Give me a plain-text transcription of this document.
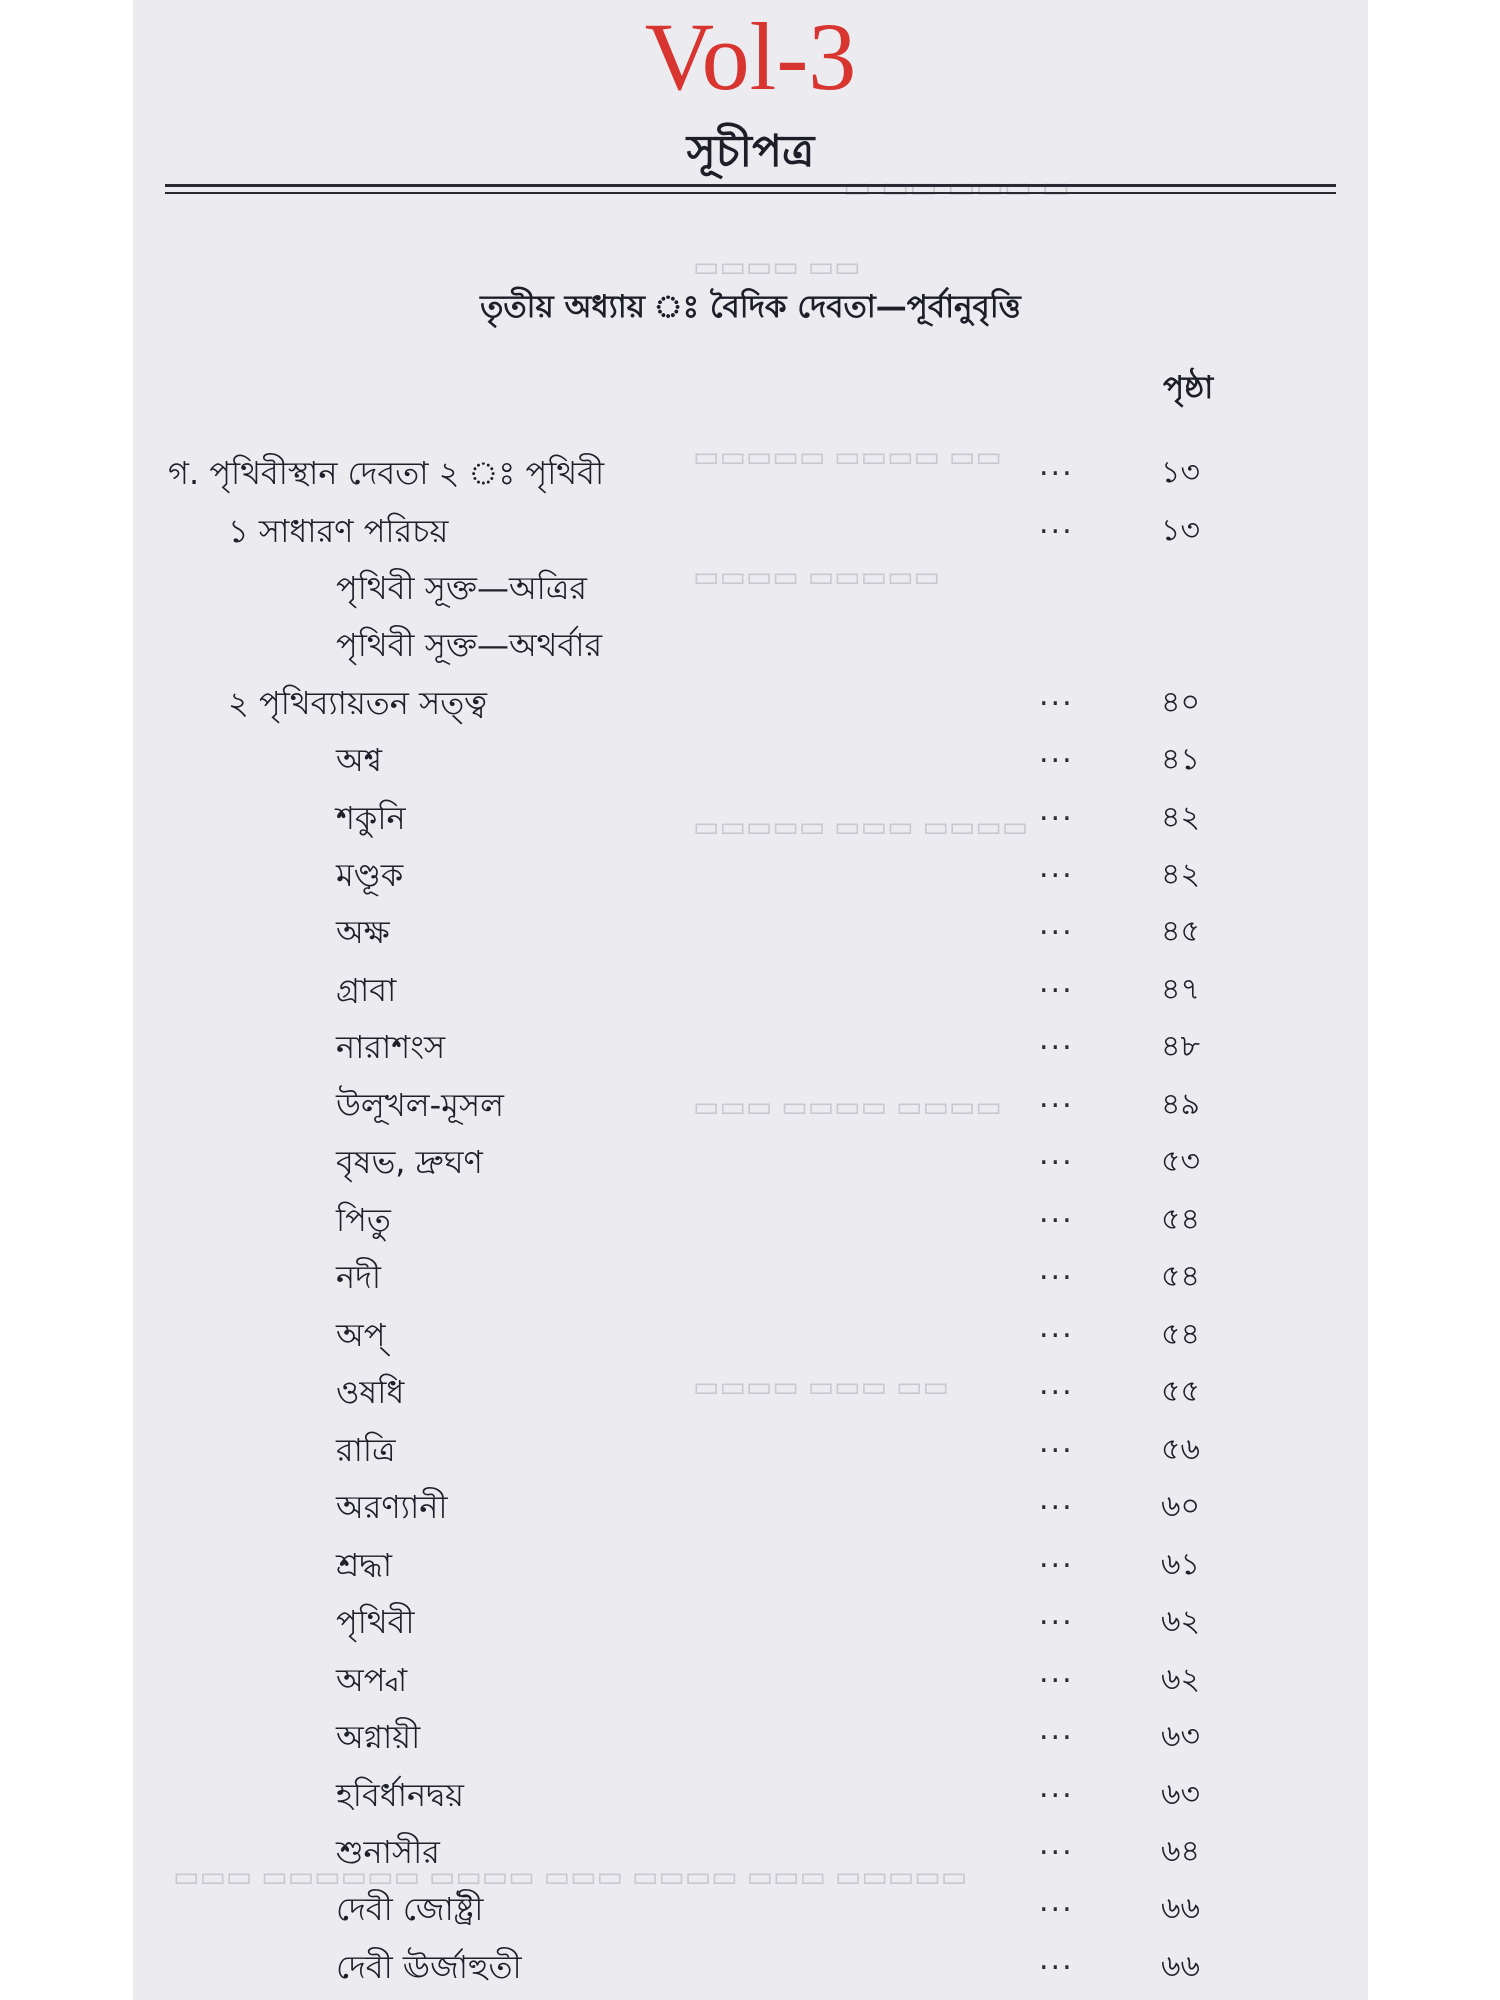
▭ ▭▭ ▭▭▭ ▭
▭▭▭▭ ▭▭
▭▭▭▭▭ ▭▭▭▭ ▭▭
▭▭▭▭ ▭▭▭▭▭
▭▭▭▭▭ ▭▭▭ ▭▭▭▭
▭▭▭ ▭▭▭▭ ▭▭▭▭
▭▭▭▭ ▭▭▭ ▭▭
▭▭▭ ▭▭▭▭▭▭ ▭▭▭▭ ▭▭▭ ▭▭▭▭ ▭▭▭ ▭▭▭▭▭
Vol-3
সূচীপত্র
তৃতীয় অধ্যায় ঃ বৈদিক দেবতা—পূর্বানুবৃত্তি
পৃষ্ঠা
গ. পৃথিবীস্থান দেবতা ২ ঃ পৃথিবী	...	১৩
১ সাধারণ পরিচয়	...	১৩
পৃথিবী সূক্ত—অত্রির
পৃথিবী সূক্ত—অথর্বার
২ পৃথিব্যায়তন সত্ত্ব	...	৪০
অশ্ব	...	৪১
শকুনি	...	৪২
মণ্ডূক	...	৪২
অক্ষ	...	৪৫
গ্রাবা	...	৪৭
নারাশংস	...	৪৮
উলূখল-মূসল	...	৪৯
বৃষভ, দ্রুঘণ	...	৫৩
পিতু	...	৫৪
নদী	...	৫৪
অপ্	...	৫৪
ওষধি	...	৫৫
রাত্রি	...	৫৬
অরণ্যানী	...	৬০
শ্রদ্ধা	...	৬১
পৃথিবী	...	৬২
অপ্বা	...	৬২
অগ্নায়ী	...	৬৩
হবির্ধানদ্বয়	...	৬৩
শুনাসীর	...	৬৪
দেবী জোষ্ট্রী	...	৬৬
দেবী ঊর্জাহুতী	...	৬৬
